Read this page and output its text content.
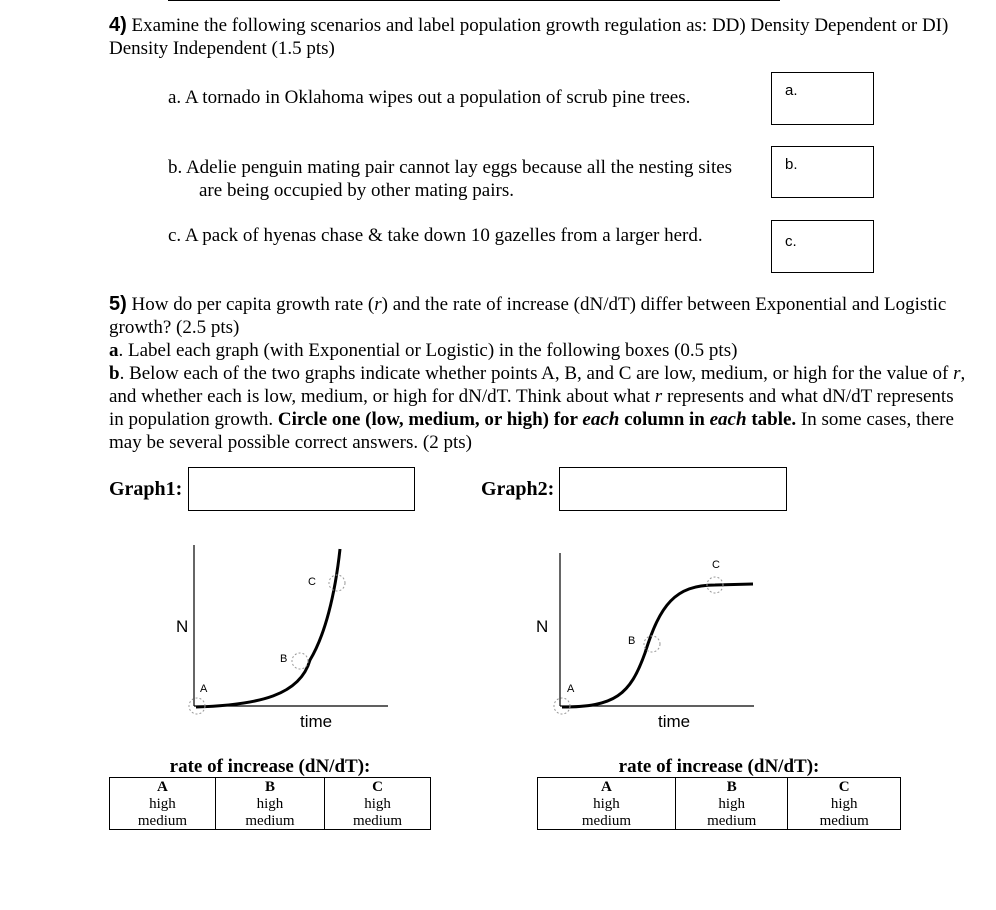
4) Examine the following scenarios and label population growth regulation as: DD) Density Dependent or DI) Density Independent (1.5 pts)
a. A tornado in Oklahoma wipes out a population of scrub pine trees.	a.
b. Adelie penguin mating pair cannot lay eggs because all the nesting sites
are being occupied by other mating pairs.
b.
c. A pack of hyenas chase & take down 10 gazelles from a larger herd.	c.

5) How do per capita growth rate (r) and the rate of increase (dN/dT) differ between Exponential and Logistic growth? (2.5 pts)

a. Label each graph (with Exponential or Logistic) in the following boxes (0.5 pts)

b. Below each of the two graphs indicate whether points A, B, and C are low, medium, or high for the value of r, and whether each is low, medium, or high for dN/dT. Think about what r represents and what dN/dT represents in population growth. Circle one (low, medium, or high) for each column in each table. In some cases, there may be several possible correct answers. (2 pts)

Graph1:	Graph2:
N
time
A
B
C
N
time
A
B
C
rate of increase (dN/dT):
A	B	C
high	high	high
medium	medium	medium
rate of increase (dN/dT):
A	B	C
high	high	high
medium	medium	medium
